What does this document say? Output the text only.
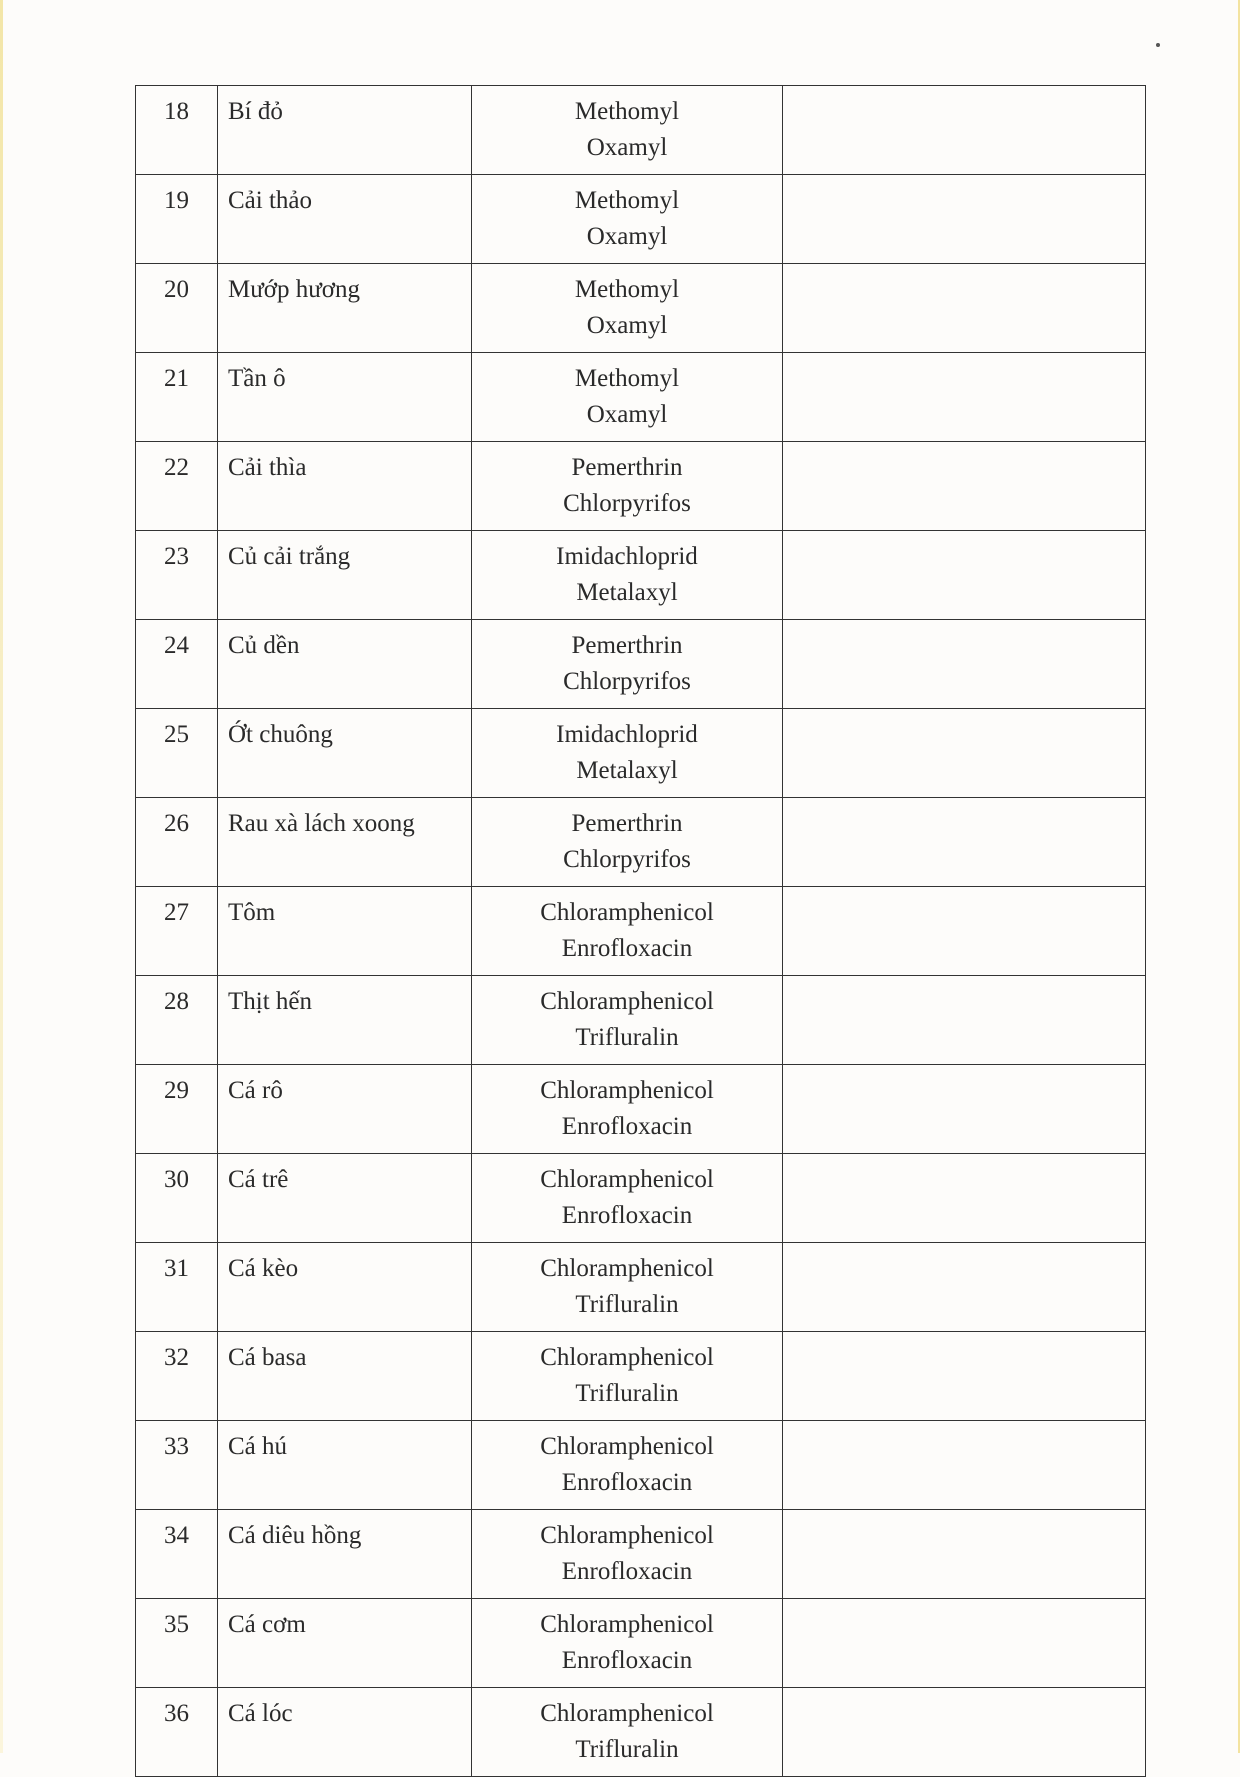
18	Bí đỏ	Methomyl
Oxamyl	

19	Cải thảo	Methomyl
Oxamyl	

20	Mướp hương	Methomyl
Oxamyl	

21	Tần ô	Methomyl
Oxamyl	

22	Cải thìa	Pemerthrin
Chlorpyrifos	

23	Củ cải trắng	Imidachloprid
Metalaxyl	

24	Củ dền	Pemerthrin
Chlorpyrifos	

25	Ớt chuông	Imidachloprid
Metalaxyl	

26	Rau xà lách xoong	Pemerthrin
Chlorpyrifos	

27	Tôm	Chloramphenicol
Enrofloxacin	

28	Thịt hến	Chloramphenicol
Trifluralin	

29	Cá rô	Chloramphenicol
Enrofloxacin	

30	Cá trê	Chloramphenicol
Enrofloxacin	

31	Cá kèo	Chloramphenicol
Trifluralin	

32	Cá basa	Chloramphenicol
Trifluralin	

33	Cá hú	Chloramphenicol
Enrofloxacin	

34	Cá diêu hồng	Chloramphenicol
Enrofloxacin	

35	Cá cơm	Chloramphenicol
Enrofloxacin	

36	Cá lóc	Chloramphenicol
Trifluralin	
